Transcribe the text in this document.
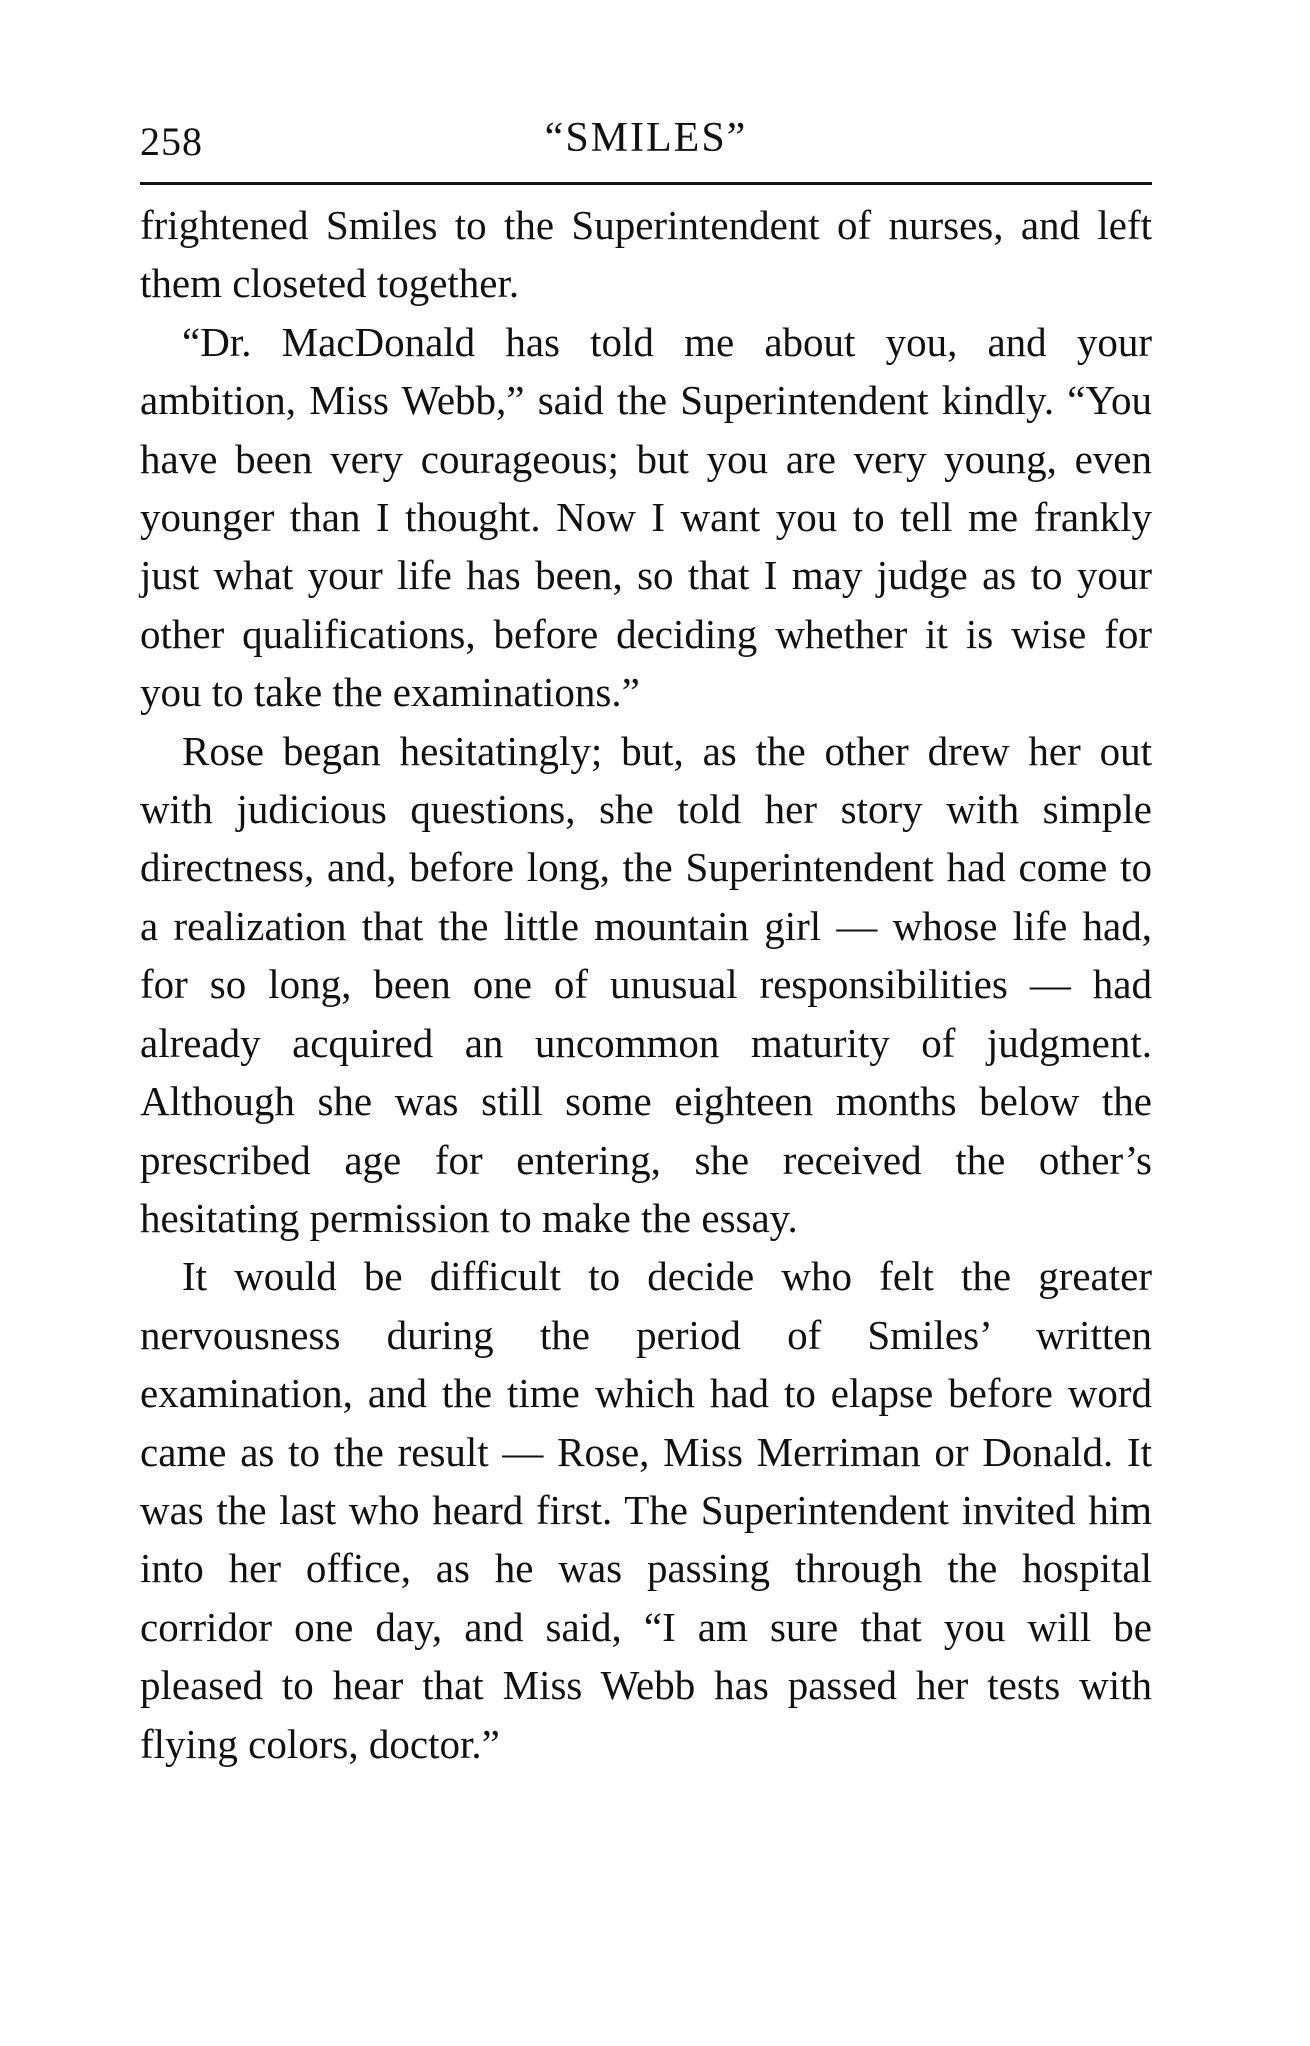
258	“SMILES”

frightened Smiles to the Superintendent of nurses, and left them closeted together.

“Dr. MacDonald has told me about you, and your ambition, Miss Webb,” said the Superintendent kindly. “You have been very courageous; but you are very young, even younger than I thought. Now I want you to tell me frankly just what your life has been, so that I may judge as to your other qualifications, before deciding whether it is wise for you to take the examinations.”

Rose began hesitatingly; but, as the other drew her out with judicious questions, she told her story with simple directness, and, before long, the Superintendent had come to a realization that the little mountain girl — whose life had, for so long, been one of unusual responsibilities — had already acquired an uncommon maturity of judgment. Although she was still some eighteen months below the prescribed age for entering, she received the other’s hesitating permission to make the essay.

It would be difficult to decide who felt the greater nervousness during the period of Smiles’ written examination, and the time which had to elapse before word came as to the result — Rose, Miss Merriman or Donald. It was the last who heard first. The Superintendent invited him into her office, as he was passing through the hospital corridor one day, and said, “I am sure that you will be pleased to hear that Miss Webb has passed her tests with flying colors, doctor.”
